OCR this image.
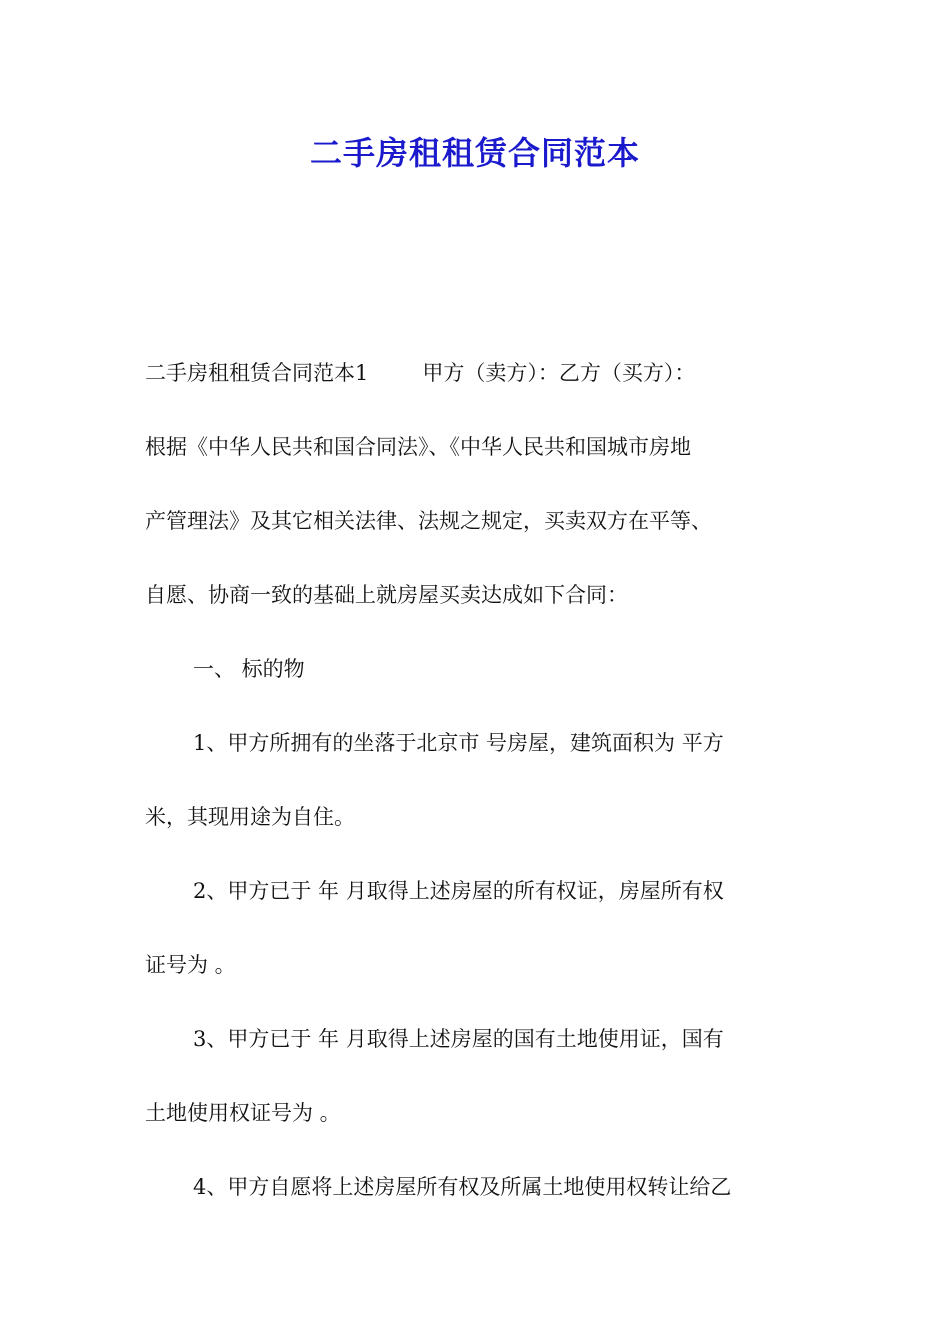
二手房租租赁合同范本
二手房租租赁合同范本1	甲方（卖方）：乙方（买方）：
根据《中华人民共和国合同法》、《中华人民共和国城市房地
产管理法》及其它相关法律、法规之规定，买卖双方在平等、
自愿、协商一致的基础上就房屋买卖达成如下合同：
一、 标的物
1、甲方所拥有的坐落于北京市 号房屋，建筑面积为 平方
米，其现用途为自住。
2、甲方已于 年 月取得上述房屋的所有权证，房屋所有权
证号为 。
3、甲方已于 年 月取得上述房屋的国有土地使用证，国有
土地使用权证号为 。
4、甲方自愿将上述房屋所有权及所属土地使用权转让给乙
